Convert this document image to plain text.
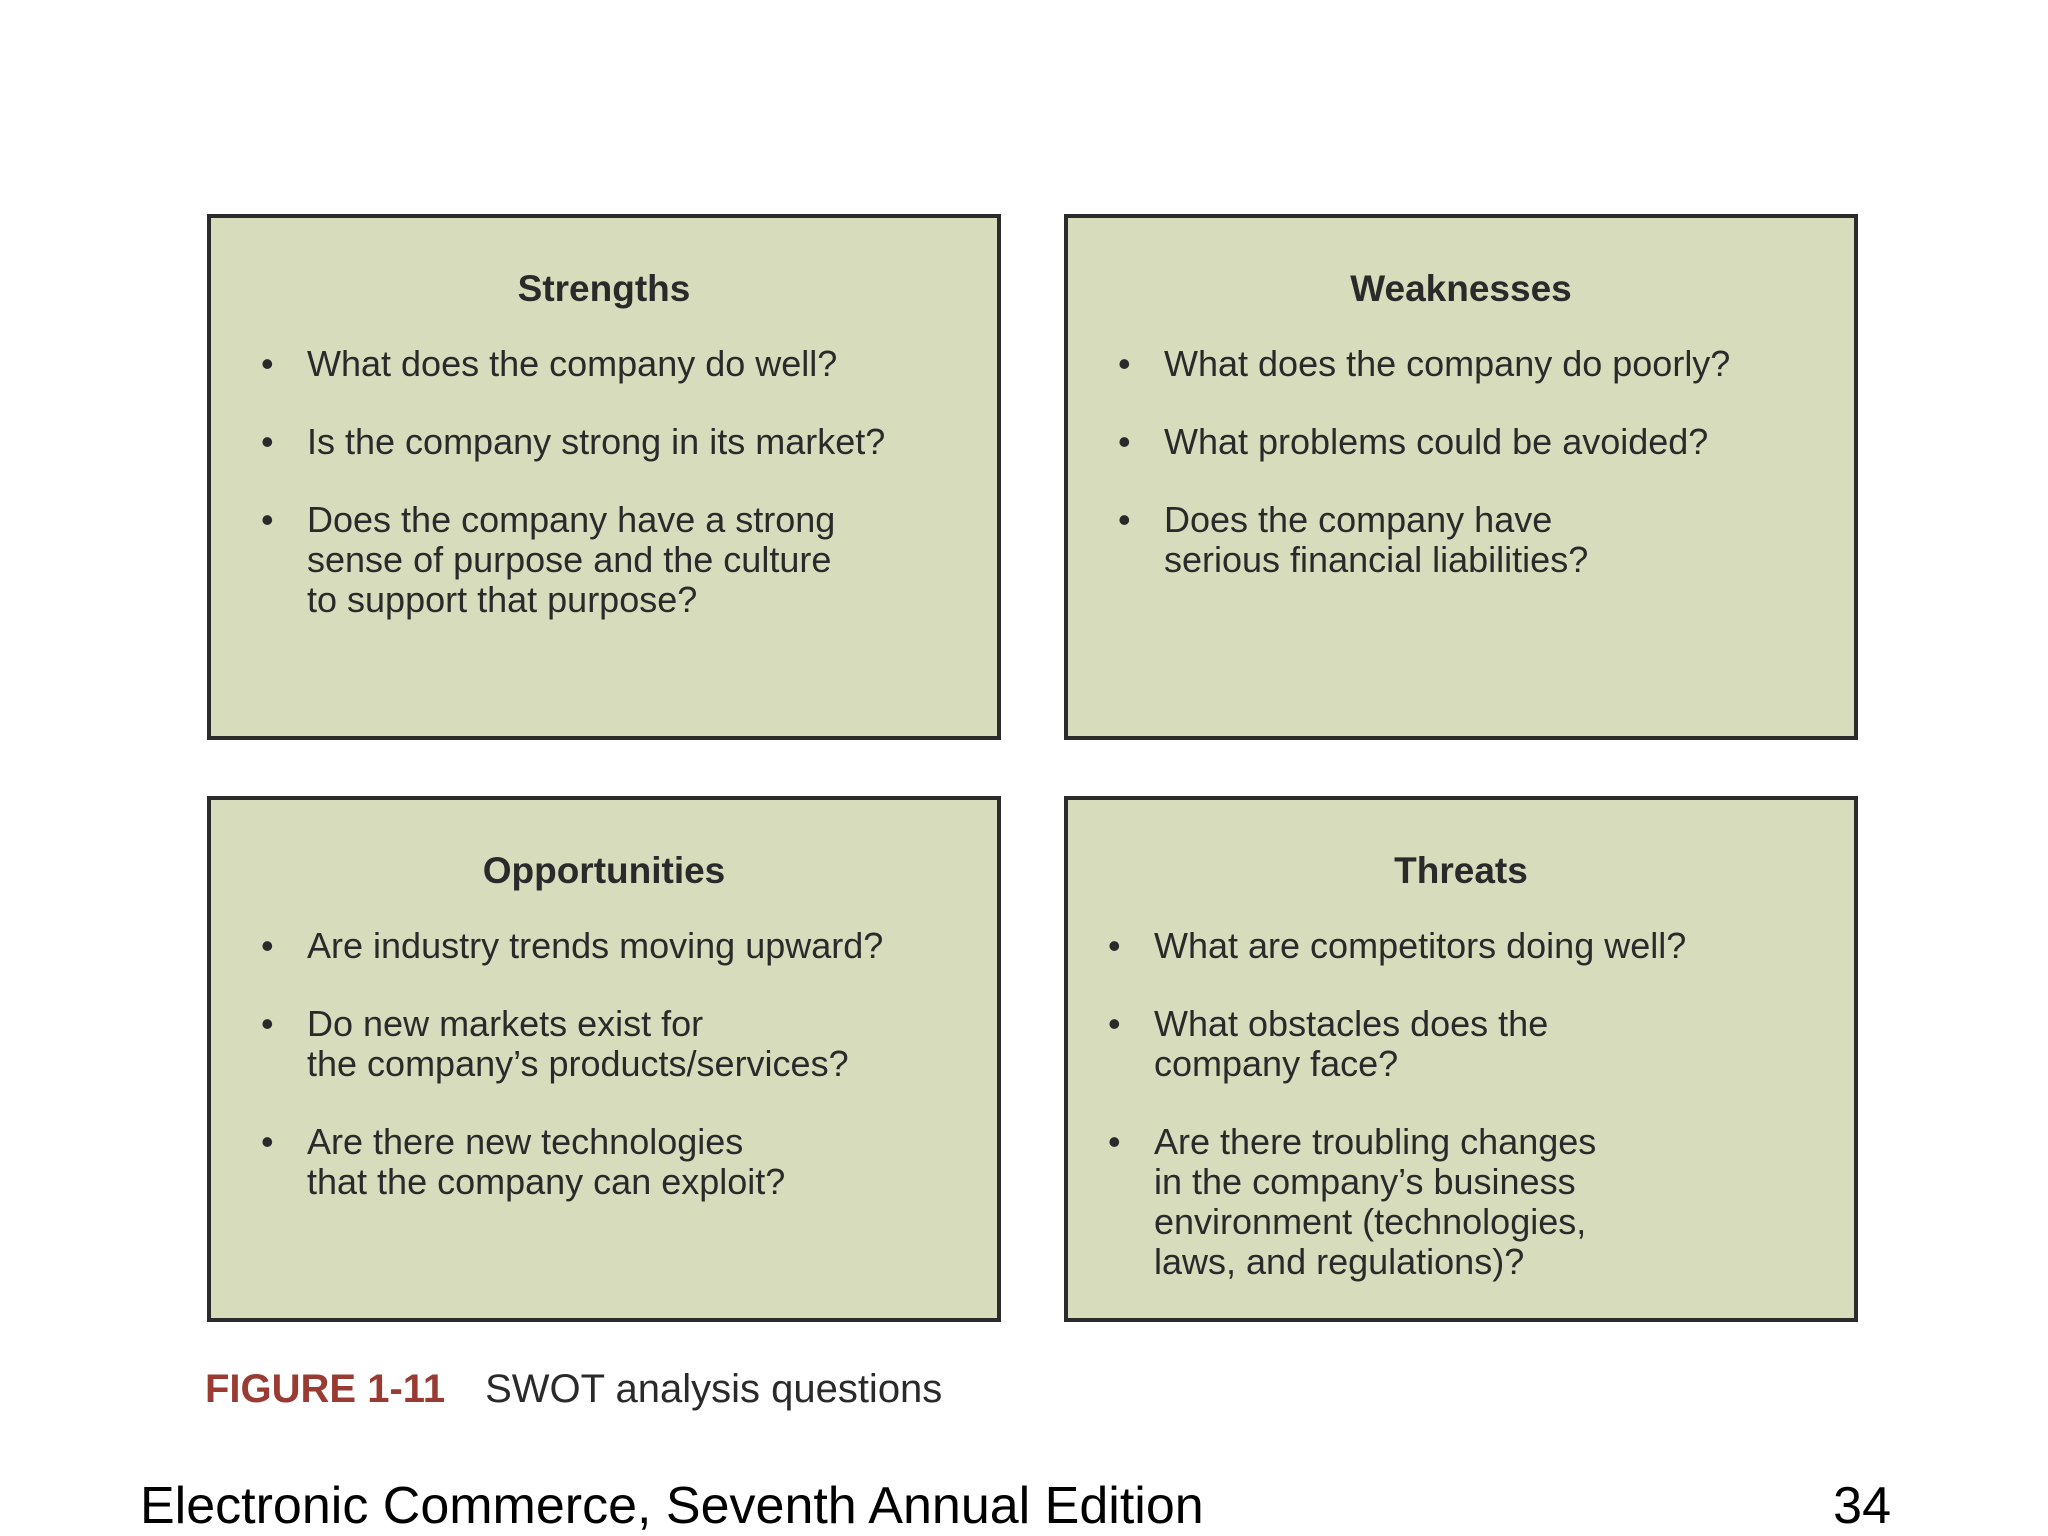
Strengths
• What does the company do well?
• Is the company strong in its market?
• Does the company have a strong
sense of purpose and the culture
to support that purpose?
Weaknesses
• What does the company do poorly?
• What problems could be avoided?
• Does the company have
serious financial liabilities?
Opportunities
• Are industry trends moving upward?
• Do new markets exist for
the company’s products/services?
• Are there new technologies
that the company can exploit?
Threats
• What are competitors doing well?
• What obstacles does the
company face?
• Are there troubling changes
in the company’s business
environment (technologies,
laws, and regulations)?
FIGURE 1-11 SWOT analysis questions
Electronic Commerce, Seventh Annual Edition	34
